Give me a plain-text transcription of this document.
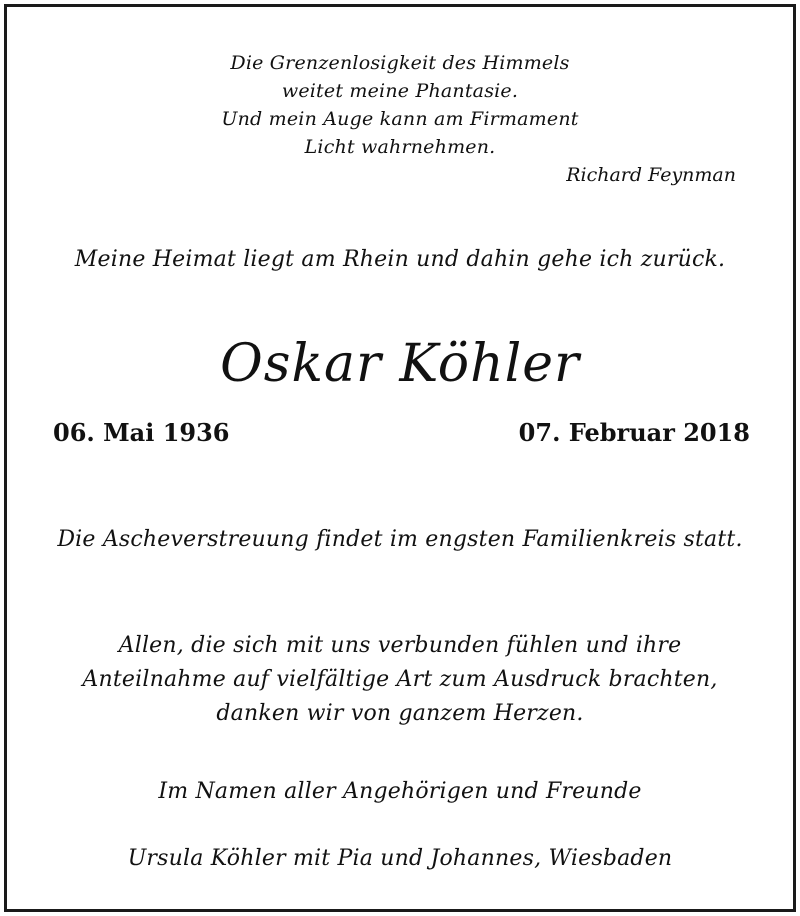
Die Grenzenlosigkeit des Himmels
weitet meine Phantasie.
Und mein Auge kann am Firmament
Licht wahrnehmen.
Richard Feynman
Meine Heimat liegt am Rhein und dahin gehe ich zurück.
Oskar Köhler
06. Mai 1936	07. Februar 2018
Die Ascheverstreuung findet im engsten Familienkreis statt.
Allen, die sich mit uns verbunden fühlen und ihre
Anteilnahme auf vielfältige Art zum Ausdruck brachten,
danken wir von ganzem Herzen.
Im Namen aller Angehörigen und Freunde
Ursula Köhler mit Pia und Johannes, Wiesbaden
